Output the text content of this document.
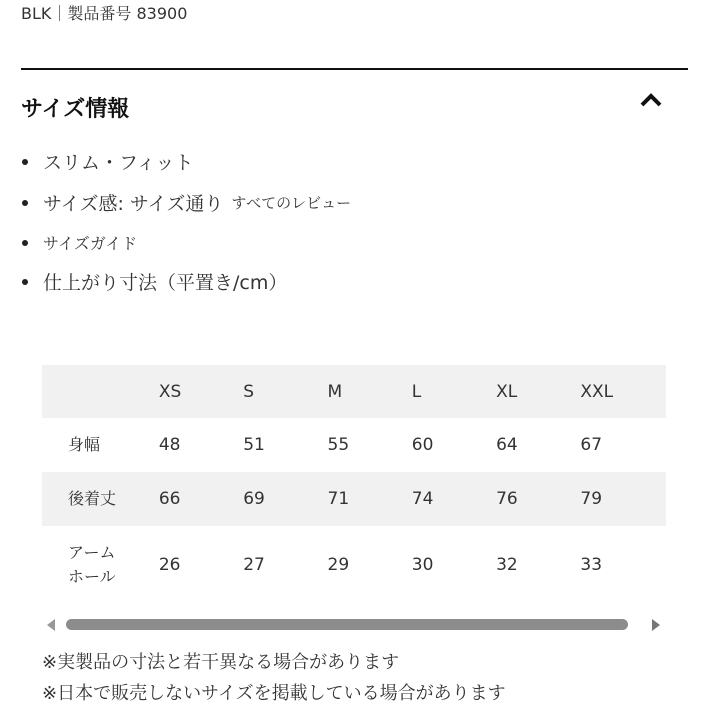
BLK｜製品番号 83900
サイズ情報
スリム・フィット
サイズ感: サイズ通り すべてのレビュー
サイズガイド
仕上がり寸法（平置き/cm）
	XS	S	M	L	XL	XXL
身幅	48	51	55	60	64	67
後着丈	66	69	71	74	76	79

アーム
ホール	26	27	29	30	32	33
※実製品の寸法と若干異なる場合があります
※日本で販売しないサイズを掲載している場合があります
